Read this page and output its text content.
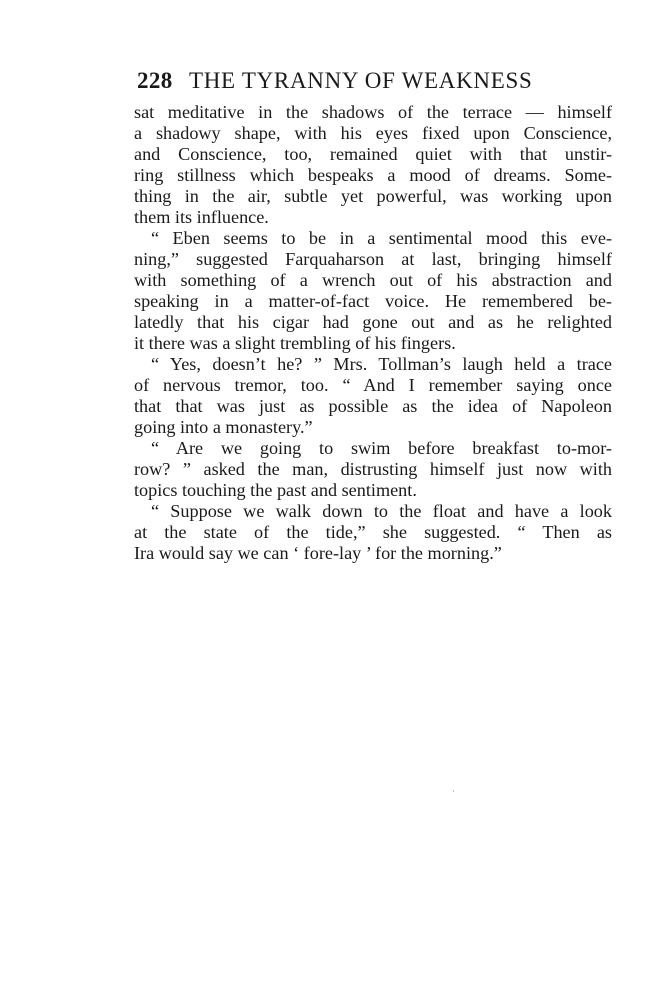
228 THE TYRANNY OF WEAKNESS
sat meditative in the shadows of the terrace — himself
a shadowy shape, with his eyes fixed upon Conscience,
and Conscience, too, remained quiet with that unstir-
ring stillness which bespeaks a mood of dreams. Some-
thing in the air, subtle yet powerful, was working upon
them its influence.
“ Eben seems to be in a sentimental mood this eve-
ning,” suggested Farquaharson at last, bringing himself
with something of a wrench out of his abstraction and
speaking in a matter-of-fact voice. He remembered be-
latedly that his cigar had gone out and as he relighted
it there was a slight trembling of his fingers.
“ Yes, doesn’t he? ” Mrs. Tollman’s laugh held a trace
of nervous tremor, too. “ And I remember saying once
that that was just as possible as the idea of Napoleon
going into a monastery.”
“ Are we going to swim before breakfast to-mor-
row? ” asked the man, distrusting himself just now with
topics touching the past and sentiment.
“ Suppose we walk down to the float and have a look
at the state of the tide,” she suggested. “ Then as
Ira would say we can ‘ fore-lay ’ for the morning.”
·
